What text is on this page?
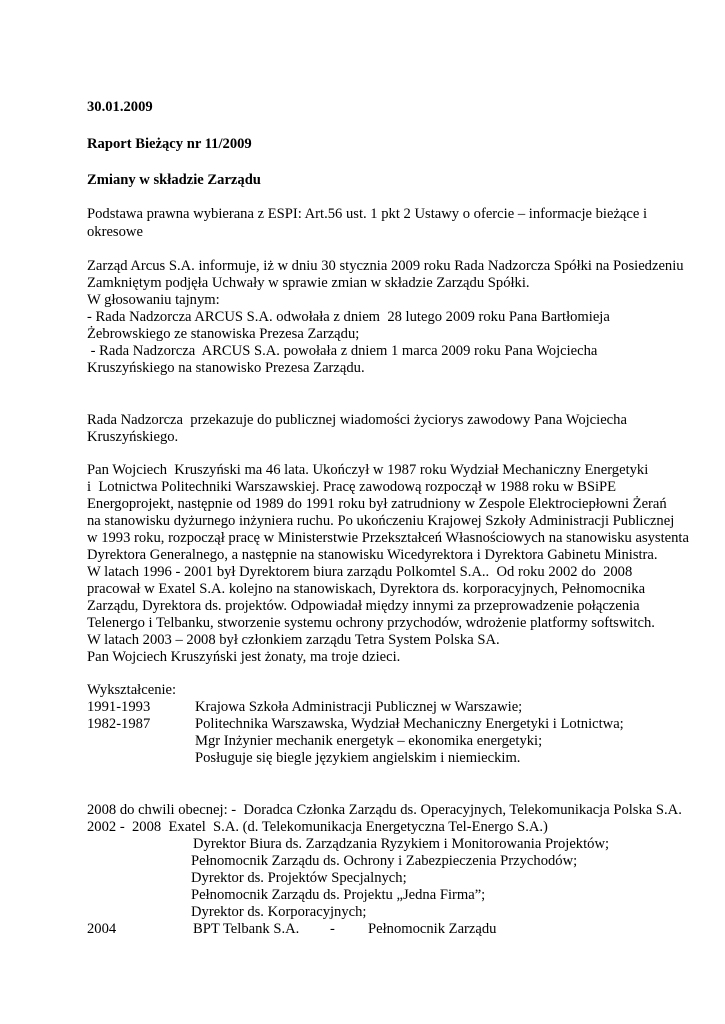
30.01.2009
Raport Bieżący nr 11/2009
Zmiany w składzie Zarządu
Podstawa prawna wybierana z ESPI: Art.56 ust. 1 pkt 2 Ustawy o ofercie – informacje bieżące i
okresowe
Zarząd Arcus S.A. informuje, iż w dniu 30 stycznia 2009 roku Rada Nadzorcza Spółki na Posiedzeniu
Zamkniętym podjęła Uchwały w sprawie zmian w składzie Zarządu Spółki.
W głosowaniu tajnym:
- Rada Nadzorcza ARCUS S.A. odwołała z dniem  28 lutego 2009 roku Pana Bartłomieja
Żebrowskiego ze stanowiska Prezesa Zarządu;
- Rada Nadzorcza  ARCUS S.A. powołała z dniem 1 marca 2009 roku Pana Wojciecha
Kruszyńskiego na stanowisko Prezesa Zarządu.
Rada Nadzorcza  przekazuje do publicznej wiadomości życiorys zawodowy Pana Wojciecha
Kruszyńskiego.
Pan Wojciech  Kruszyński ma 46 lata. Ukończył w 1987 roku Wydział Mechaniczny Energetyki
i  Lotnictwa Politechniki Warszawskiej. Pracę zawodową rozpoczął w 1988 roku w BSiPE
Energoprojekt, następnie od 1989 do 1991 roku był zatrudniony w Zespole Elektrociepłowni Żerań
na stanowisku dyżurnego inżyniera ruchu. Po ukończeniu Krajowej Szkoły Administracji Publicznej
w 1993 roku, rozpoczął pracę w Ministerstwie Przekształceń Własnościowych na stanowisku asystenta
Dyrektora Generalnego, a następnie na stanowisku Wicedyrektora i Dyrektora Gabinetu Ministra.
W latach 1996 - 2001 był Dyrektorem biura zarządu Polkomtel S.A..  Od roku 2002 do  2008
pracował w Exatel S.A. kolejno na stanowiskach, Dyrektora ds. korporacyjnych, Pełnomocnika
Zarządu, Dyrektora ds. projektów. Odpowiadał między innymi za przeprowadzenie połączenia
Telenergo i Telbanku, stworzenie systemu ochrony przychodów, wdrożenie platformy softswitch.
W latach 2003 – 2008 był członkiem zarządu Tetra System Polska SA.
Pan Wojciech Kruszyński jest żonaty, ma troje dzieci.
Wykształcenie:
1991-1993	Krajowa Szkoła Administracji Publicznej w Warszawie;
1982-1987	Politechnika Warszawska, Wydział Mechaniczny Energetyki i Lotnictwa;
Mgr Inżynier mechanik energetyk – ekonomika energetyki;
Posługuje się biegle językiem angielskim i niemieckim.
2008 do chwili obecnej: -  Doradca Członka Zarządu ds. Operacyjnych, Telekomunikacja Polska S.A.
2002 -  2008  Exatel  S.A. (d. Telekomunikacja Energetyczna Tel-Energo S.A.)
Dyrektor Biura ds. Zarządzania Ryzykiem i Monitorowania Projektów;
Pełnomocnik Zarządu ds. Ochrony i Zabezpieczenia Przychodów;
Dyrektor ds. Projektów Specjalnych;
Pełnomocnik Zarządu ds. Projektu „Jedna Firma”;
Dyrektor ds. Korporacyjnych;
2004	BPT Telbank S.A. - Pełnomocnik Zarządu
